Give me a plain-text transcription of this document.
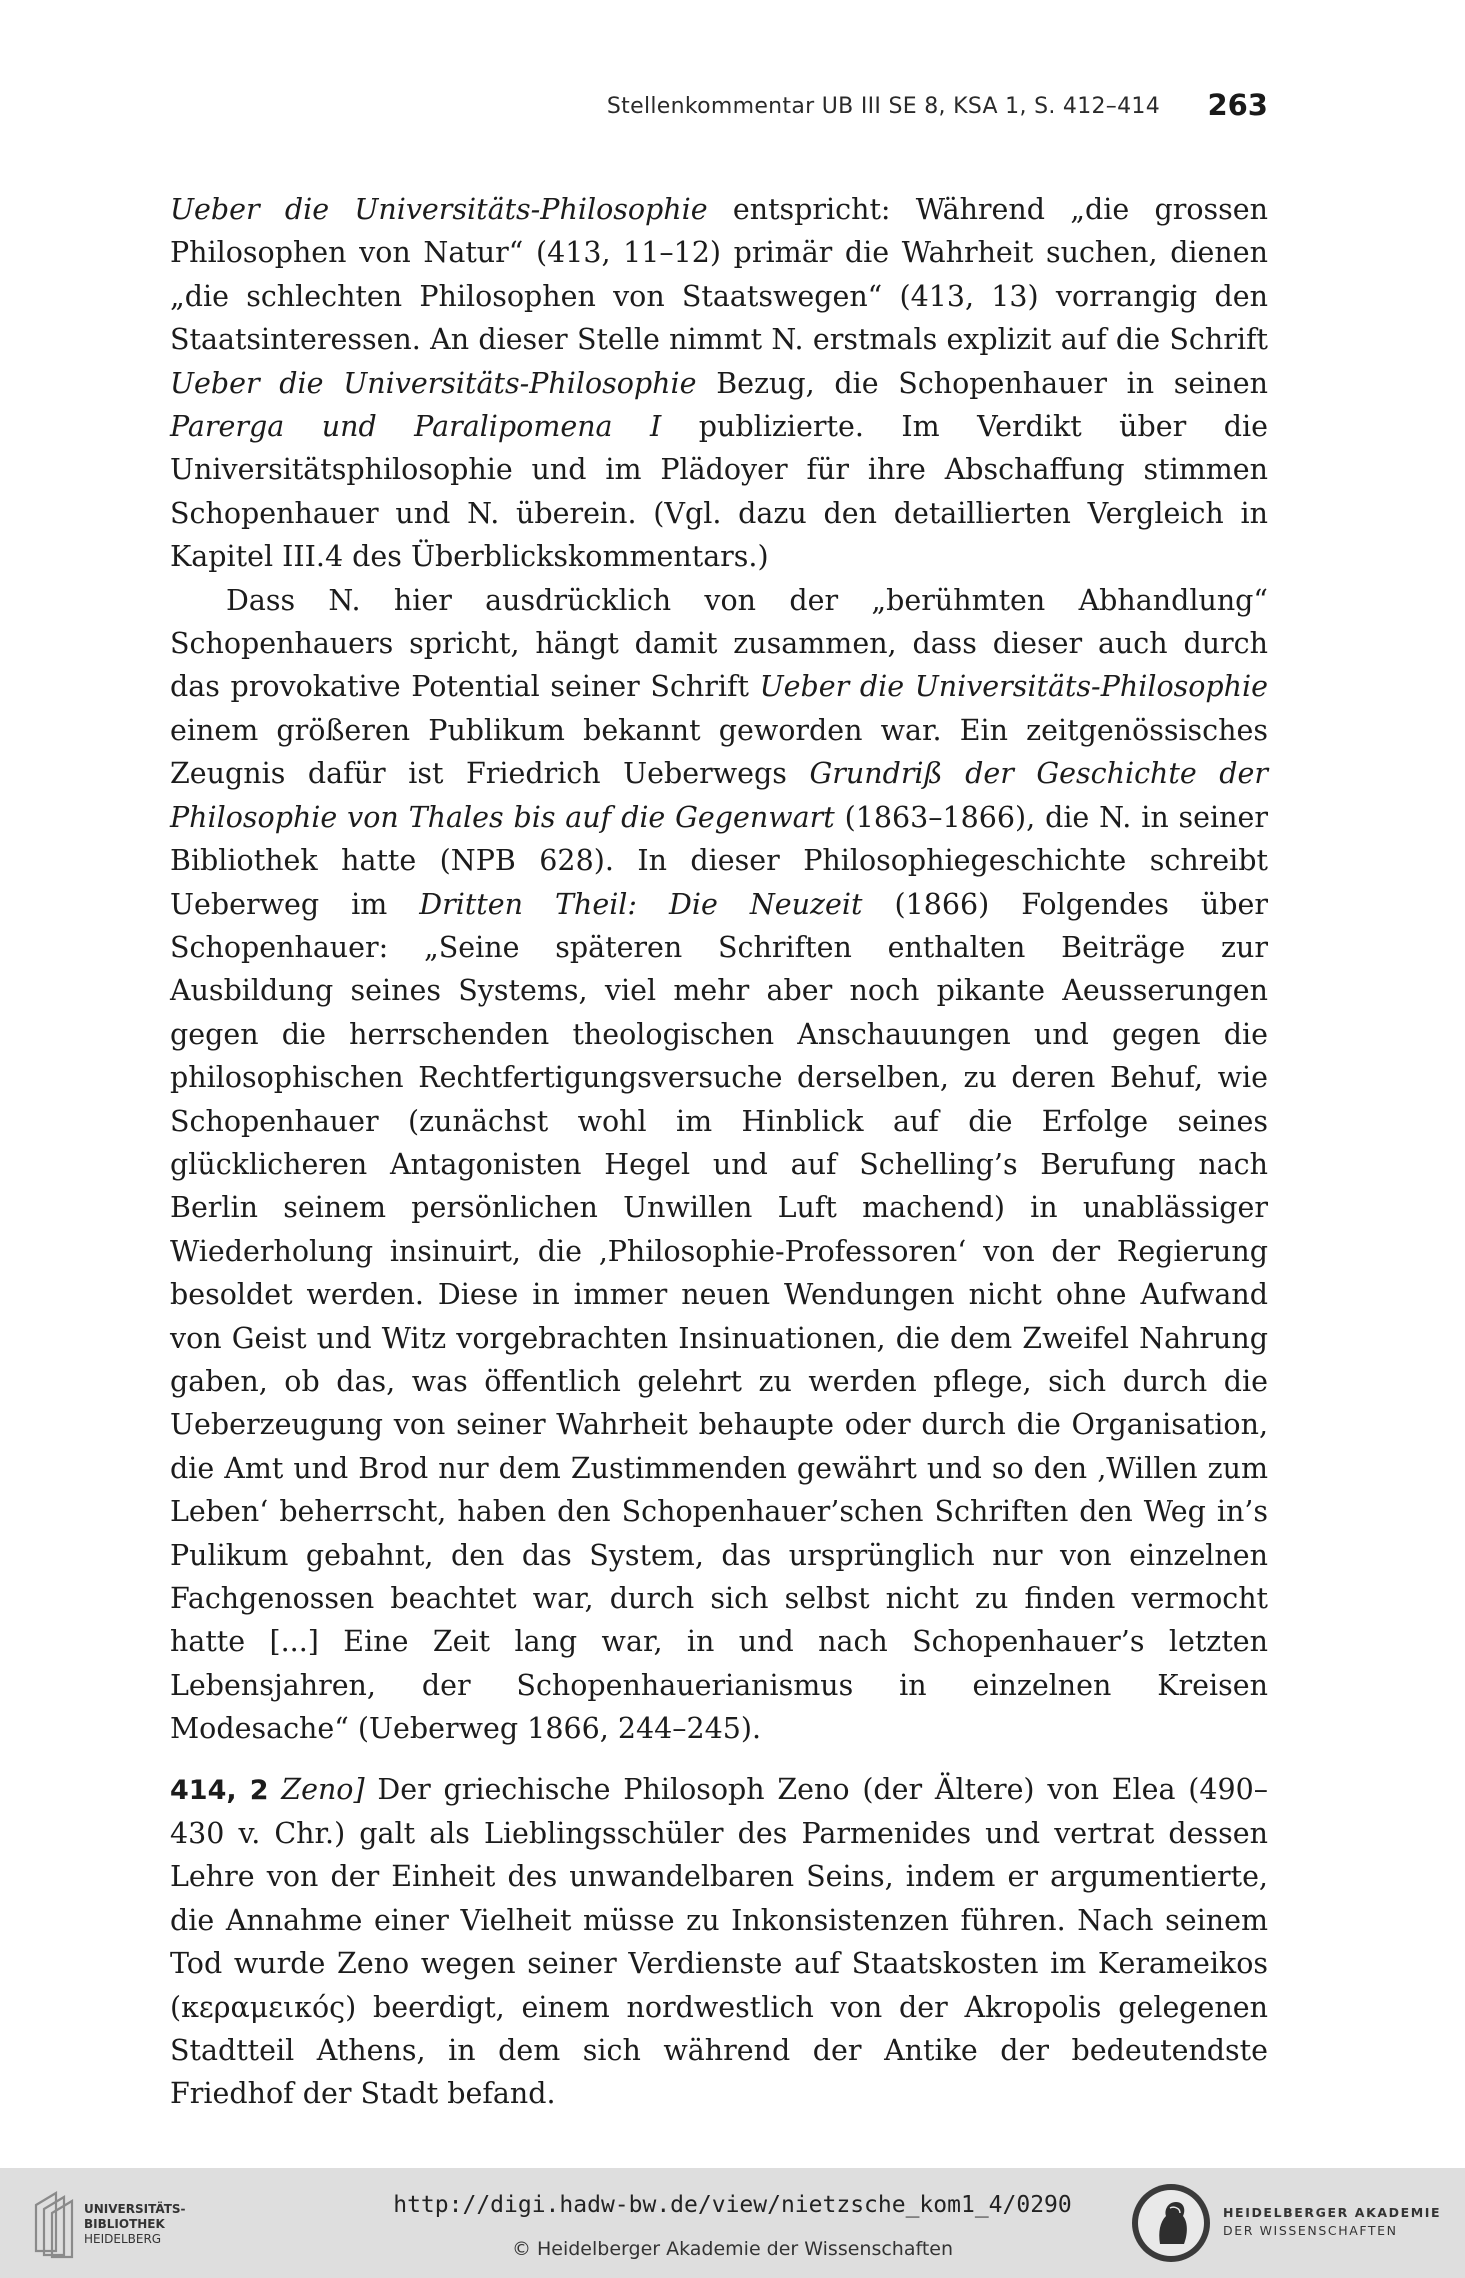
Stellenkommentar UB III SE 8, KSA 1, S. 412–414 263

Ueber die Universitäts-Philosophie entspricht: Während „die grossen Philosophen von Natur“ (413, 11–12) primär die Wahrheit suchen, dienen „die schlechten Philosophen von Staatswegen“ (413, 13) vorrangig den Staatsinteressen. An dieser Stelle nimmt N. erstmals explizit auf die Schrift Ueber die Universitäts-Philosophie Bezug, die Schopenhauer in seinen Parerga und Paralipomena I publizierte. Im Verdikt über die Universitätsphilosophie und im Plädoyer für ihre Abschaffung stimmen Schopenhauer und N. überein. (Vgl. dazu den detaillierten Vergleich in Kapitel III.4 des Überblickskommentars.)

Dass N. hier ausdrücklich von der „berühmten Abhandlung“ Schopenhauers spricht, hängt damit zusammen, dass dieser auch durch das provokative Potential seiner Schrift Ueber die Universitäts-Philosophie einem größeren Publikum bekannt geworden war. Ein zeitgenössisches Zeugnis dafür ist Friedrich Ueberwegs Grundriß der Geschichte der Philosophie von Thales bis auf die Gegenwart (1863–1866), die N. in seiner Bibliothek hatte (NPB 628). In dieser Philosophiegeschichte schreibt Ueberweg im Dritten Theil: Die Neuzeit (1866) Folgendes über Schopenhauer: „Seine späteren Schriften enthalten Beiträge zur Ausbildung seines Systems, viel mehr aber noch pikante Aeusserungen gegen die herrschenden theologischen Anschauungen und gegen die philosophischen Rechtfertigungsversuche derselben, zu deren Behuf, wie Schopenhauer (zunächst wohl im Hinblick auf die Erfolge seines glücklicheren Antagonisten Hegel und auf Schelling’s Berufung nach Berlin seinem persönlichen Unwillen Luft machend) in unablässiger Wiederholung insinuirt, die ‚Philosophie-Professoren‘ von der Regierung besoldet werden. Diese in immer neuen Wendungen nicht ohne Aufwand von Geist und Witz vorgebrachten Insinuationen, die dem Zweifel Nahrung gaben, ob das, was öffentlich gelehrt zu werden pflege, sich durch die Ueberzeugung von seiner Wahrheit behaupte oder durch die Organisation, die Amt und Brod nur dem Zustimmenden gewährt und so den ‚Willen zum Leben‘ beherrscht, haben den Schopenhauer’schen Schriften den Weg in’s Pulikum gebahnt, den das System, das ursprünglich nur von einzelnen Fachgenossen beachtet war, durch sich selbst nicht zu finden vermocht hatte [...] Eine Zeit lang war, in und nach Schopenhauer’s letzten Lebensjahren, der Schopenhauerianismus in einzelnen Kreisen Modesache“ (Ueberweg 1866, 244–245).

414, 2 Zeno] Der griechische Philosoph Zeno (der Ältere) von Elea (490–430 v. Chr.) galt als Lieblingsschüler des Parmenides und vertrat dessen Lehre von der Einheit des unwandelbaren Seins, indem er argumentierte, die Annahme einer Vielheit müsse zu Inkonsistenzen führen. Nach seinem Tod wurde Zeno wegen seiner Verdienste auf Staatskosten im Kerameikos (κεραμεικός) beerdigt, einem nordwestlich von der Akropolis gelegenen Stadtteil Athens, in dem sich während der Antike der bedeutendste Friedhof der Stadt befand.

UNIVERSITÄTS-
BIBLIOTHEK
HEIDELBERG
http://digi.hadw-bw.de/view/nietzsche_kom1_4/0290
© Heidelberger Akademie der Wissenschaften
HEIDELBERGER AKADEMIE
DER WISSENSCHAFTEN
